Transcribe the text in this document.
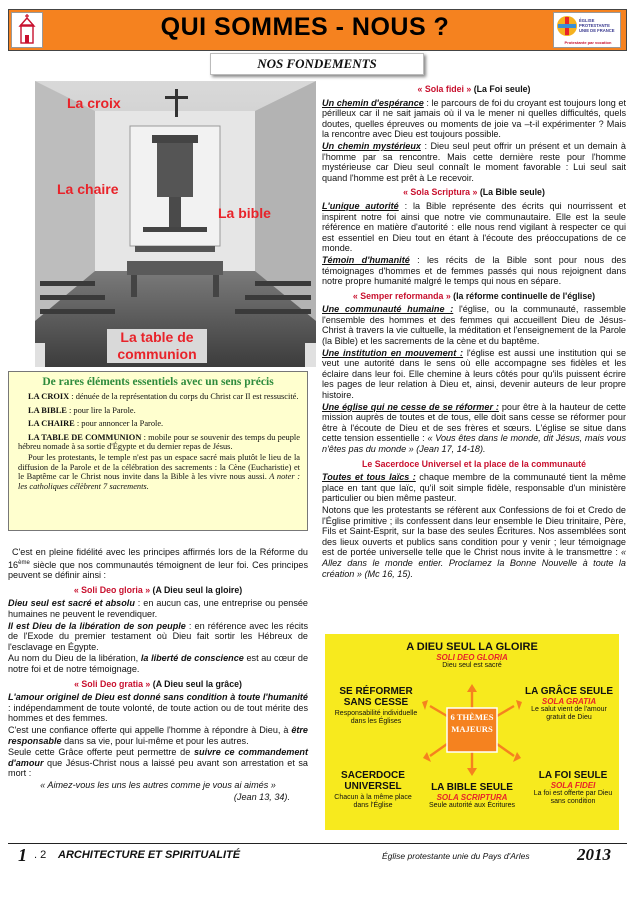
QUI SOMMES - NOUS ?	ÉGLISE PROTESTANTE
UNIE DE FRANCE
Protestante par vocation
NOS FONDEMENTS
La croix
La chaire
La bible
La table de communion
De rares éléments essentiels avec un sens précis

LA CROIX : dénuée de la représentation du corps du Christ car Il est ressuscité.

LA BIBLE : pour lire la Parole.

LA CHAIRE : pour annoncer la Parole.

LA TABLE DE COMMUNION : mobile pour se souvenir des temps du peuple hébreu nomade à sa sortie d'Égypte et du dernier repas de Jésus.

Pour les protestants, le temple n'est pas un espace sacré mais plutôt le lieu de la diffusion de la Parole et de la célébration des sacrements : la Cène (Eucharistie) et le Baptême car le Christ nous invite dans la Bible à les vivre nous aussi. A noter : les catholiques célèbrent 7 sacrements.

C'est en pleine fidélité avec les principes affirmés lors de la Réforme du 16ème siècle que nos communautés témoignent de leur foi. Ces principes peuvent se définir ainsi :

« Soli Deo gloria » (A Dieu seul la gloire)

Dieu seul est sacré et absolu : en aucun cas, une entreprise ou pensée humaines ne peuvent le revendiquer.

Il est Dieu de la libération de son peuple : en référence avec les récits de l'Exode du premier testament où Dieu fait sortir les Hébreux de l'esclavage en Égypte.

Au nom du Dieu de la libération, la liberté de conscience est au cœur de notre foi et de notre témoignage.

« Soli Deo gratia » (A Dieu seul la grâce)

L'amour originel de Dieu est donné sans condition à toute l'humanité : indépendamment de toute volonté, de toute action ou de tout mérite des hommes et des femmes.

C'est une confiance offerte qui appelle l'homme à répondre à Dieu, à être responsable dans sa vie, pour lui-même et pour les autres.

Seule cette Grâce offerte peut permettre de suivre ce commandement d'amour que Jésus-Christ nous a laissé peu avant son arrestation et sa mort :

« Aimez-vous les uns les autres comme je vous ai aimés »

(Jean 13, 34).

« Sola fidei » (La Foi seule)

Un chemin d'espérance : le parcours de foi du croyant est toujours long et périlleux car il ne sait jamais où il va le mener ni quelles difficultés, quels doutes, quelles épreuves ou moments de joie va –t-il expérimenter ? Mais la rencontre avec Dieu est toujours possible.

Un chemin mystérieux : Dieu seul peut offrir un présent et un demain à l'homme par sa rencontre. Mais cette dernière reste pour l'homme mystérieuse car Dieu seul connaît le moment favorable : Lui seul sait quand l'homme est prêt à Le recevoir.

« Sola Scriptura » (La Bible seule)

L'unique autorité : la Bible représente des écrits qui nourrissent et inspirent notre foi ainsi que notre vie communautaire. Elle est la seule référence en matière d'autorité : elle nous rend vigilant à respecter ce qui est essentiel en Dieu tout en étant à l'écoute des préoccupations de ce monde.

Témoin d'humanité : les récits de la Bible sont pour nous des témoignages d'hommes et de femmes passés qui nous rejoignent dans notre propre humanité malgré le temps qui nous en sépare.

« Semper reformanda » (la réforme continuelle de l'église)

Une communauté humaine : l'église, ou la communauté, rassemble l'ensemble des hommes et des femmes qui accueillent Dieu de Jésus-Christ à travers la vie cultuelle, la méditation et l'enseignement de la Parole (la Bible) et les sacrements de la cène et du baptême.

Une institution en mouvement : l'église est aussi une institution qui se veut une autorité dans le sens où elle accompagne ses fidèles et les éclaire dans leur foi. Elle chemine à leurs côtés pour qu'ils puissent écrire les pages de leur relation à Dieu et, ainsi, devenir auteurs de leur propre histoire.

Une église qui ne cesse de se réformer : pour être à la hauteur de cette mission auprès de toutes et de tous, elle doit sans cesse se réformer pour être à l'écoute de Dieu et de ses frères et sœurs. L'église se situe dans cette tension essentielle : « Vous êtes dans le monde, dit Jésus, mais vous n'êtes pas du monde » (Jean 17, 14-18).

Le Sacerdoce Universel et la place de la communauté

Toutes et tous laïcs : chaque membre de la communauté tient la même place en tant que laïc, qu'il soit simple fidèle, responsable d'un ministère particulier ou bien même pasteur.

Notons que les protestants se réfèrent aux Confessions de foi et Credo de l'Église primitive ; ils confessent dans leur ensemble le Dieu trinitaire, Père, Fils et Saint-Esprit, sur la base des seules Écritures. Nos assemblées sont des lieux ouverts et publics sans condition pour y venir ; leur témoignage est de portée universelle telle que le Christ nous invite à le transmettre : « Allez dans le monde entier. Proclamez la Bonne Nouvelle à toute la création » (Mc 16, 15).

6 THÈMES MAJEURS
A DIEU SEUL LA GLOIRE
SOLI DEO GLORIA
Dieu seul est sacré
SE RÉFORMER SANS CESSE
Responsabilité individuelle dans les Églises
LA GRÂCE SEULE
SOLA GRATIA
Le salut vient de l'amour gratuit de Dieu
SACERDOCE UNIVERSEL
Chacun à la même place dans l'Église
LA BIBLE SEULE
SOLA SCRIPTURA
Seule autorité aux Écritures
LA FOI SEULE
SOLA FIDEI
La foi est offerte par Dieu sans condition
1 . 2 ARCHITECTURE ET SPIRITUALITÉ	Église protestante unie du Pays d'Arles	2013
